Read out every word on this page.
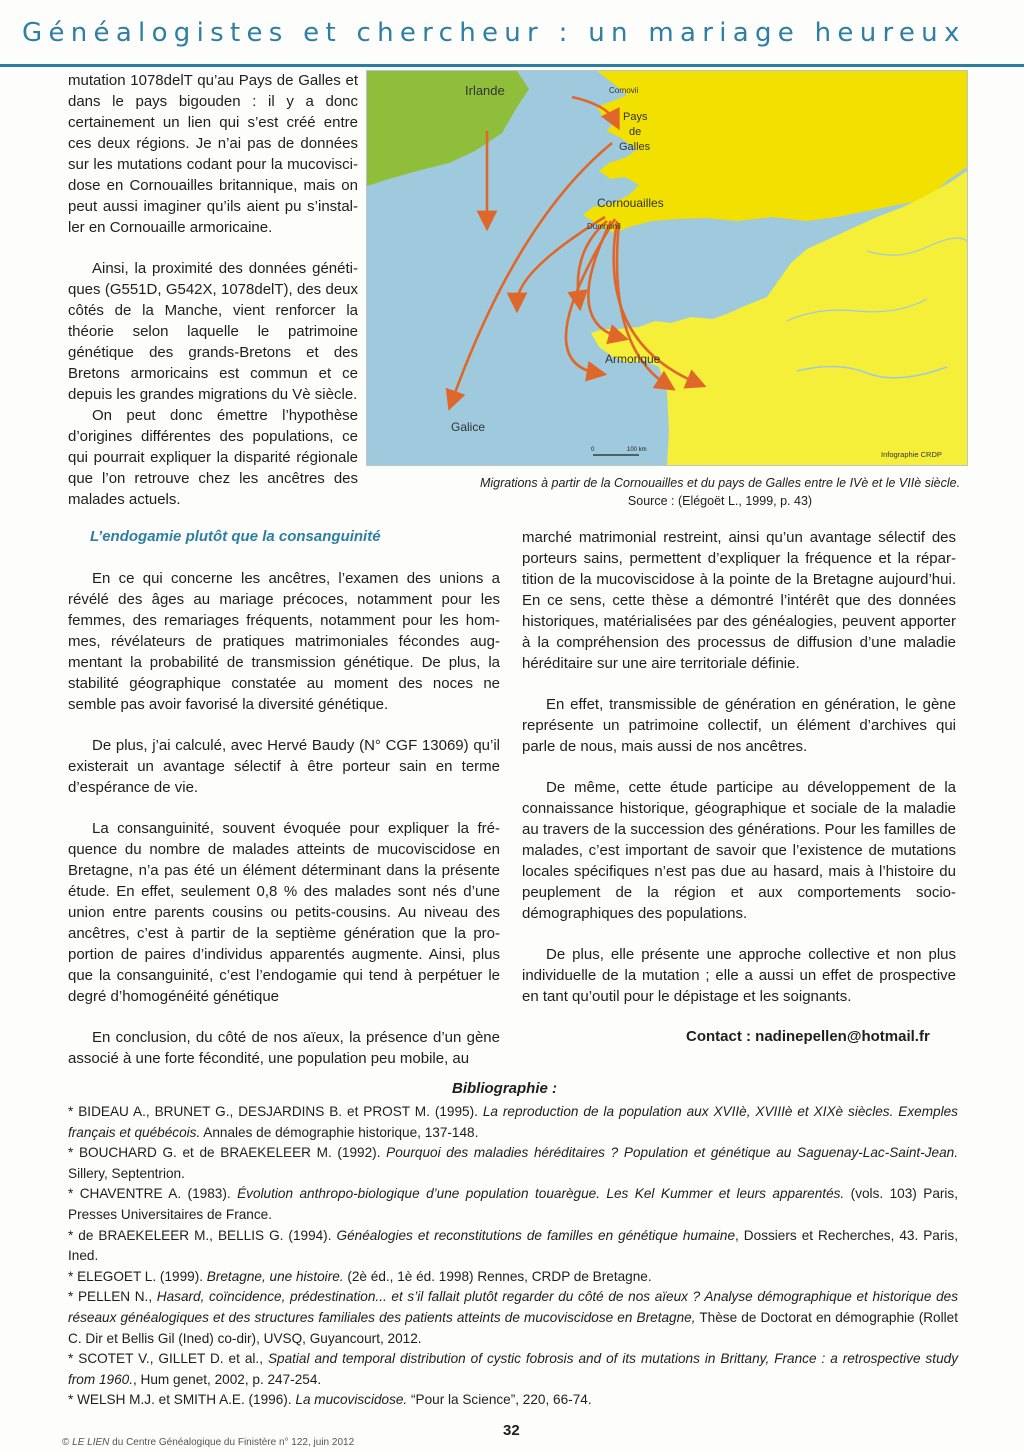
Généalogistes et chercheur : un mariage heureux

mutation 1078delT qu’au Pays de Galles et dans le pays bigouden : il y a donc certainement un lien qui s’est créé entre ces deux régions. Je n’ai pas de données sur les mutations codant pour la mucoviscidose en Cornouailles britannique, mais on peut aussi imaginer qu’ils aient pu s’installer en Cornouaille armoricaine.

Ainsi, la proximité des données génétiques (G551D, G542X, 1078delT), des deux côtés de la Manche, vient renforcer la théorie selon laquelle le patrimoine génétique des grands-Bretons et des Bretons armoricains est commun et ce depuis les grandes migrations du Vè siècle.

On peut donc émettre l’hypothèse d’origines différentes des populations, ce qui pourrait expliquer la disparité régionale que l’on retrouve chez les ancêtres des malades actuels.

Irlande	Cornovii
Pays
de
Galles
Cornouailles
Dumnonii
Armorique
Galice
0	100 km	Infographie CRDP
Migrations à partir de la Cornouailles et du pays de Galles entre le IVè et le VIIè siècle.
Source : (Elégoët L., 1999, p. 43)
L’endogamie plutôt que la consanguinité

En ce qui concerne les ancêtres, l’examen des unions a révélé des âges au mariage précoces, notamment pour les femmes, des remariages fréquents, notamment pour les hommes, révélateurs de pratiques matrimoniales fécondes augmentant la probabilité de transmission génétique. De plus, la stabilité géographique constatée au moment des noces ne semble pas avoir favorisé la diversité génétique.

De plus, j’ai calculé, avec Hervé Baudy (N° CGF 13069) qu’il existerait un avantage sélectif à être porteur sain en terme d’espérance de vie.

La consanguinité, souvent évoquée pour expliquer la fréquence du nombre de malades atteints de mucoviscidose en Bretagne, n’a pas été un élément déterminant dans la présente étude. En effet, seulement 0,8 % des malades sont nés d’une union entre parents cousins ou petits-cousins. Au niveau des ancêtres, c’est à partir de la septième génération que la proportion de paires d’individus apparentés augmente. Ainsi, plus que la consanguinité, c’est l’endogamie qui tend à perpétuer le degré d’homogénéité génétique

En conclusion, du côté de nos aïeux, la présence d’un gène associé à une forte fécondité, une population peu mobile, au

marché matrimonial restreint, ainsi qu’un avantage sélectif des porteurs sains, permettent d’expliquer la fréquence et la répartition de la mucoviscidose à la pointe de la Bretagne aujourd’hui. En ce sens, cette thèse a démontré l’intérêt que des données historiques, matérialisées par des généalogies, peuvent apporter à la compréhension des processus de diffusion d’une maladie héréditaire sur une aire territoriale définie.

En effet, transmissible de génération en génération, le gène représente un patrimoine collectif, un élément d’archives qui parle de nous, mais aussi de nos ancêtres.

De même, cette étude participe au développement de la connaissance historique, géographique et sociale de la maladie au travers de la succession des générations. Pour les familles de malades, c’est important de savoir que l’existence de mutations locales spécifiques n’est pas due au hasard, mais à l’histoire du peuplement de la région et aux comportements socio-démographiques des populations.

De plus, elle présente une approche collective et non plus individuelle de la mutation ; elle a aussi un effet de prospective en tant qu’outil pour le dépistage et les soignants.

Contact : nadinepellen@hotmail.fr
Bibliographie :

* BIDEAU A., BRUNET G., DESJARDINS B. et PROST M. (1995). La reproduction de la population aux XVIIè, XVIIIè et XIXè siècles. Exemples français et québécois. Annales de démographie historique, 137-148.

* BOUCHARD G. et de BRAEKELEER M. (1992). Pourquoi des maladies héréditaires ? Population et génétique au Saguenay-Lac-Saint-Jean. Sillery, Septentrion.

* CHAVENTRE A. (1983). Évolution anthropo-biologique d’une population touarègue. Les Kel Kummer et leurs apparentés. (vols. 103) Paris, Presses Universitaires de France.

* de BRAEKELEER M., BELLIS G. (1994). Généalogies et reconstitutions de familles en génétique humaine, Dossiers et Recherches, 43. Paris, Ined.

* ELEGOET L. (1999). Bretagne, une histoire. (2è éd., 1è éd. 1998) Rennes, CRDP de Bretagne.

* PELLEN N., Hasard, coïncidence, prédestination... et s’il fallait plutôt regarder du côté de nos aïeux ? Analyse démographique et historique des réseaux généalogiques et des structures familiales des patients atteints de mucoviscidose en Bretagne, Thèse de Doctorat en démographie (Rollet C. Dir et Bellis Gil (Ined) co-dir), UVSQ, Guyancourt, 2012.

* SCOTET V., GILLET D. et al., Spatial and temporal distribution of cystic fobrosis and of its mutations in Brittany, France : a retrospective study from 1960., Hum genet, 2002, p. 247-254.

* WELSH M.J. et SMITH A.E. (1996). La mucoviscidose. “Pour la Science”, 220, 66-74.

32
© LE LIEN du Centre Généalogique du Finistère n° 122, juin 2012
